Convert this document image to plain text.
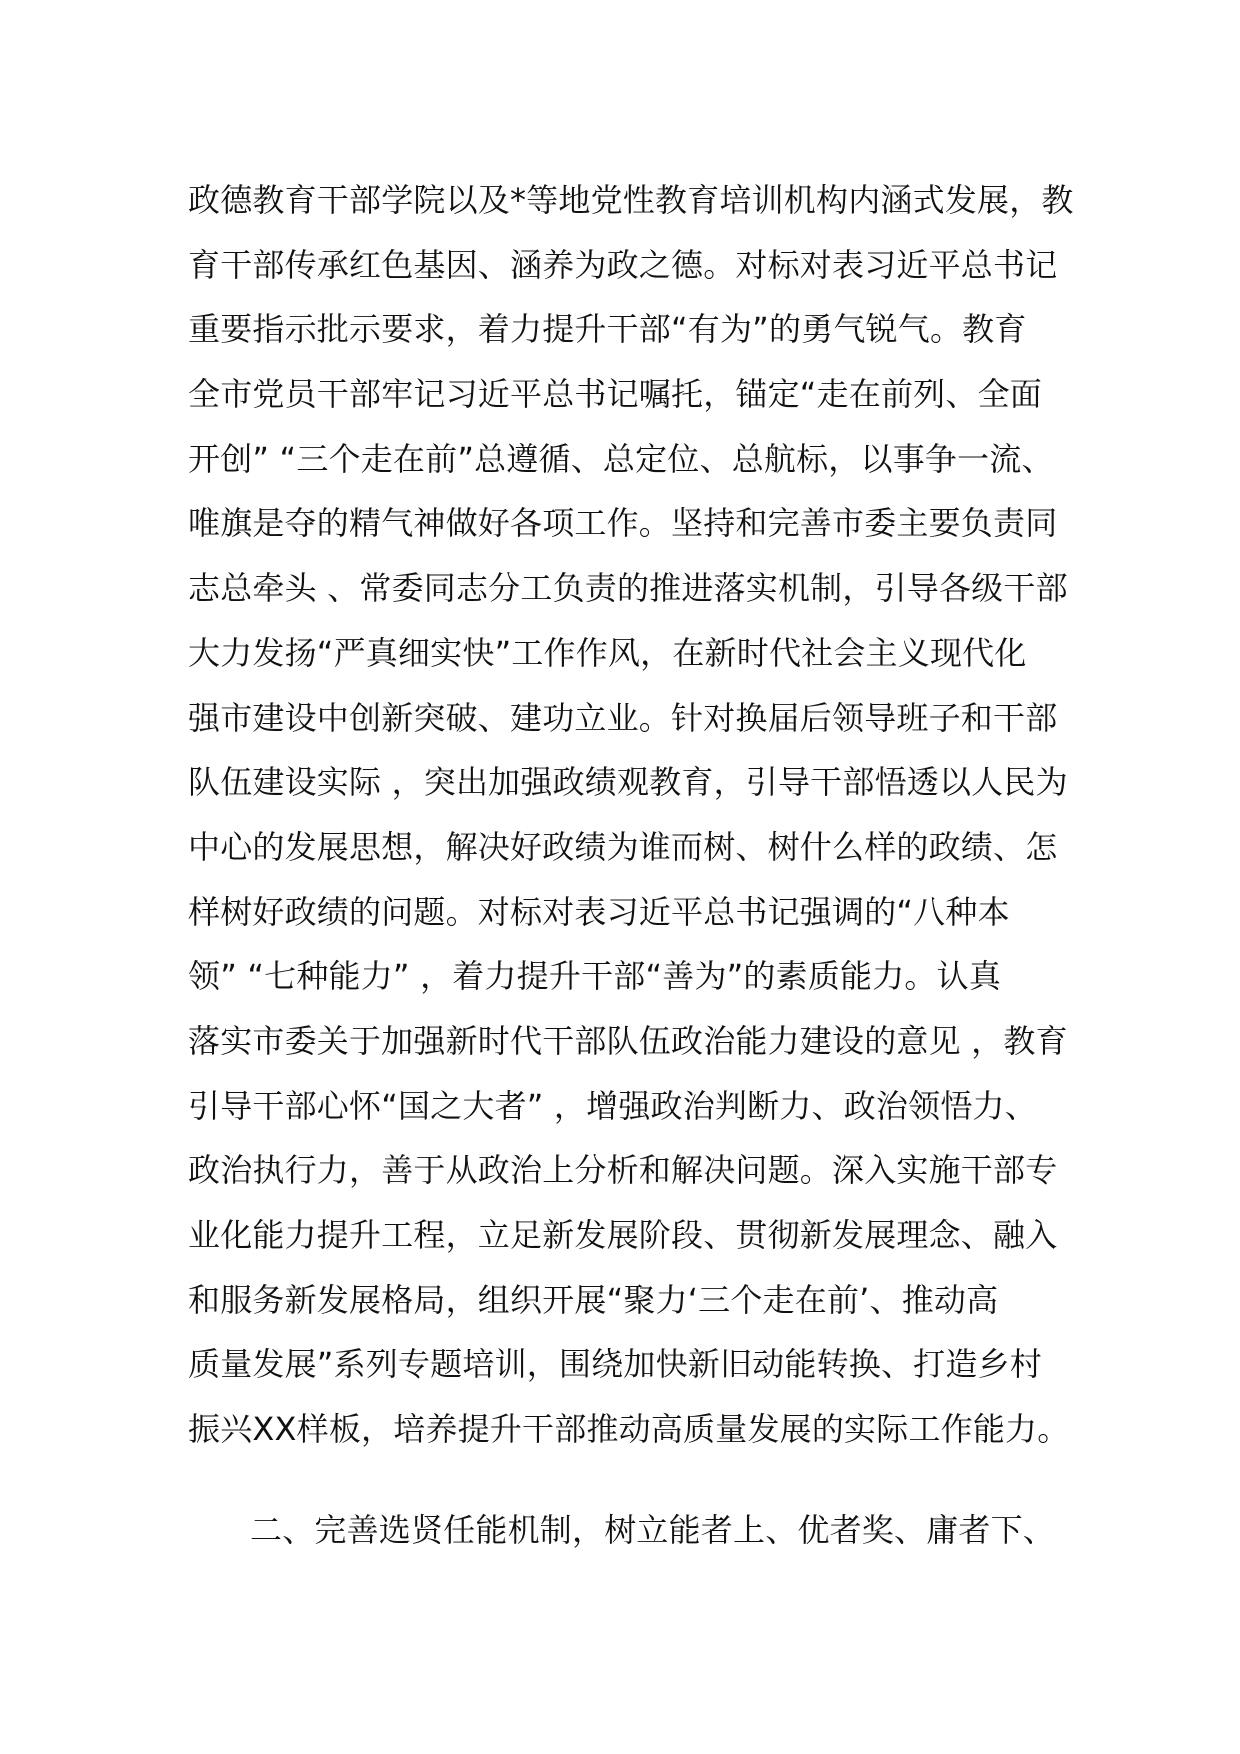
政德教育干部学院以及*等地党性教育培训机构内涵式发展，教
育干部传承红色基因、涵养为政之德。对标对表习近平总书记
重要指示批示要求，着力提升干部“有为”的勇气锐气。教育
全市党员干部牢记习近平总书记嘱托，锚定“走在前列、全面
开创” “三个走在前”总遵循、总定位、总航标，以事争一流、
唯旗是夺的精气神做好各项工作。坚持和完善市委主要负责同
志总牵头 、常委同志分工负责的推进落实机制，引导各级干部
大力发扬“严真细实快”工作作风，在新时代社会主义现代化
强市建设中创新突破、建功立业。针对换届后领导班子和干部
队伍建设实际 ，突出加强政绩观教育，引导干部悟透以人民为
中心的发展思想，解决好政绩为谁而树、树什么样的政绩、怎
样树好政绩的问题。对标对表习近平总书记强调的“八种本
领” “七种能力” ，着力提升干部“善为”的素质能力。认真
落实市委关于加强新时代干部队伍政治能力建设的意见 ，教育
引导干部心怀“国之大者” ，增强政治判断力、政治领悟力、
政治执行力，善于从政治上分析和解决问题。深入实施干部专
业化能力提升工程，立足新发展阶段、贯彻新发展理念、融入
和服务新发展格局，组织开展“聚力‘三个走在前’、推动高
质量发展”系列专题培训，围绕加快新旧动能转换、打造乡村
振兴XX样板，培养提升干部推动高质量发展的实际工作能力。
二、完善选贤任能机制，树立能者上、优者奖、庸者下、
